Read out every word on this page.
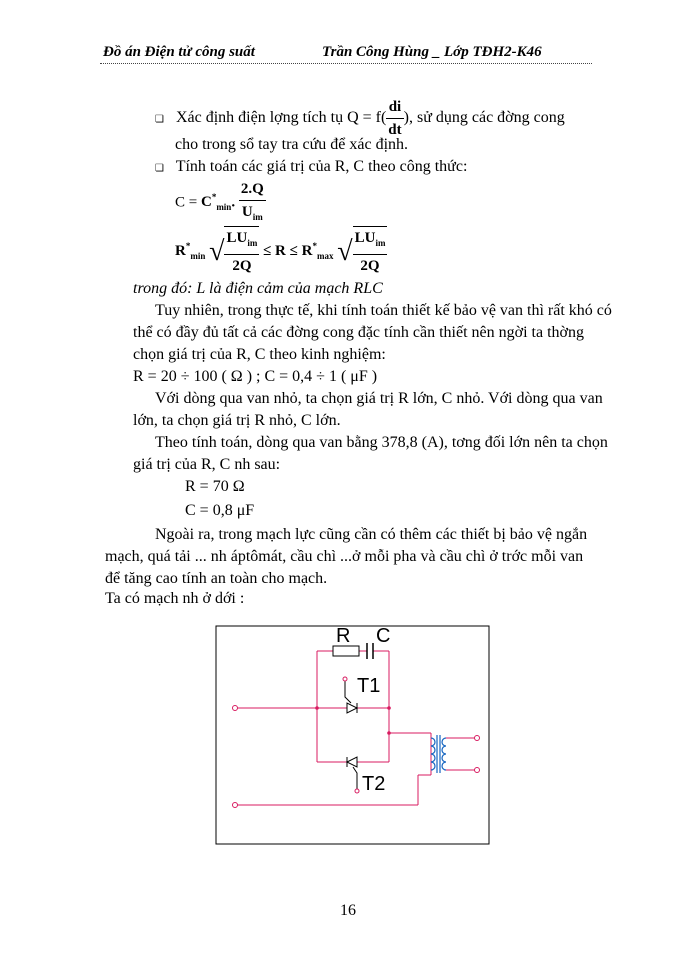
Đồ án Điện tử công suất	Trần Công Hùng _ Lớp TĐH2-K46
❏ Xác định điện lợng tích tụ $Q = f( \frac{di}{dt}$ ), sử dụng các đờng cong
cho trong sổ tay tra cứu để xác định.
❏ Tính toán các giá trị của R, C theo công thức:
$C = C^*_{min}$. $\frac{2.Q}{U_{im}}$
$R^*_{min}$ √ $\frac{LU_{im}}{2Q} \le R \le R^*_{max}$ √ $\frac{LU_{im}}{2Q}$
trong đó: L là điện cảm của mạch RLC
Tuy nhiên, trong thực tế, khi tính toán thiết kế bảo vệ van thì rất khó có
thể có đầy đủ tất cả các đờng cong đặc tính cần thiết nên ngời ta thờng
chọn giá trị của R, C theo kinh nghiệm:
R = 20 ÷ 100 ( Ω ) ; C = 0,4 ÷ 1 ( μF )
Với dòng qua van nhỏ, ta chọn giá trị R lớn, C nhỏ. Với dòng qua van
lớn, ta chọn giá trị R nhỏ, C lớn.
Theo tính toán, dòng qua van bằng 378,8 (A), tơng đối lớn nên ta chọn
giá trị của R, C nh sau:
R = 70 Ω
C = 0,8 μF
Ngoài ra, trong mạch lực cũng cần có thêm các thiết bị bảo vệ ngắn
mạch, quá tải ... nh áptômát, cầu chì ...ở mỗi pha và cầu chì ở trớc mỗi van
để tăng cao tính an toàn cho mạch.
Ta có mạch nh ở dới :
R C
T1
T2
16
